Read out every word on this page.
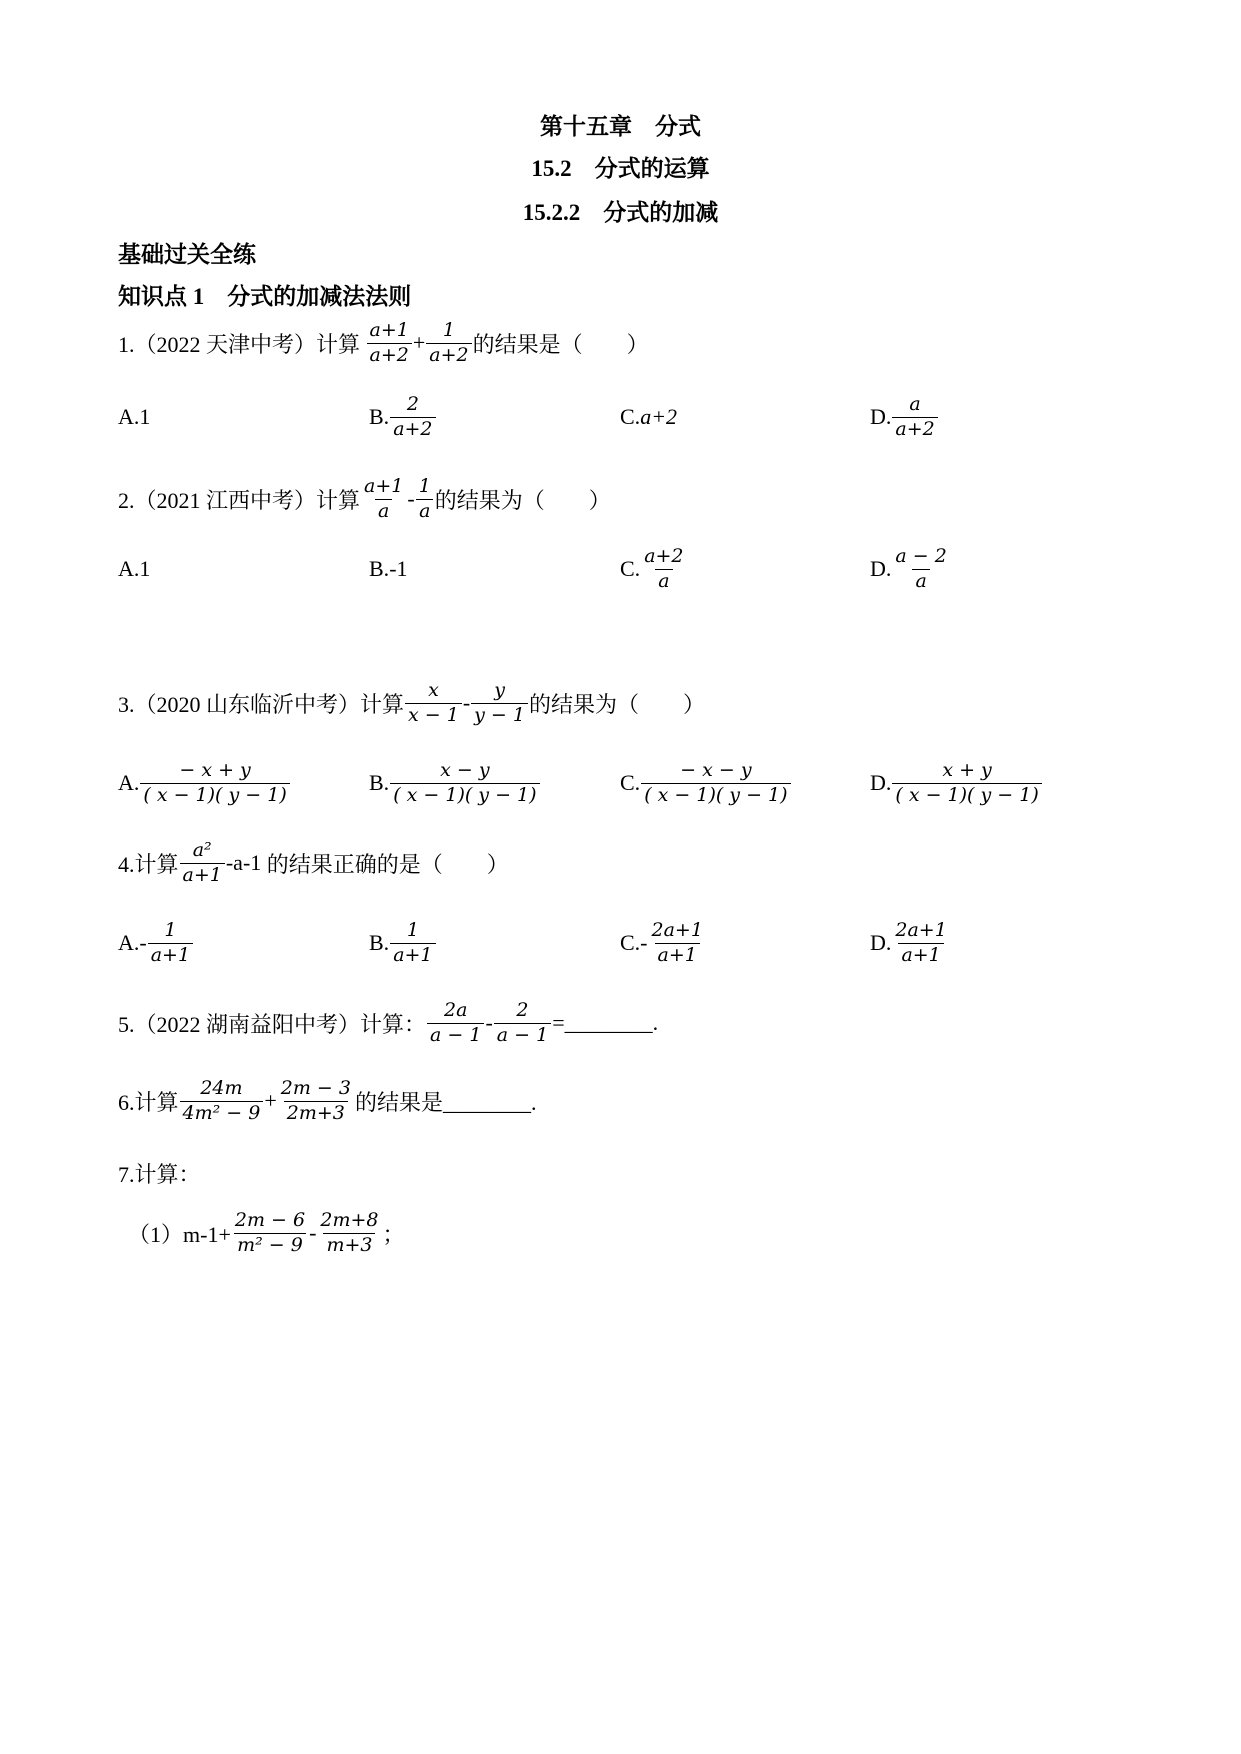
第十五章　分式
15.2　分式的运算
15.2.2　分式的加减
基础过关全练
知识点 1　分式的加减法法则
1.（2022 天津中考）计算 $\frac{a+1}{a+2} + \frac{1}{a+2}$ 的结果是（　　）
A. 1	B. $\frac{2}{a+2}$	C. a+2	D. $\frac{a}{a+2}$
2.（2021 江西中考）计算 $\frac{a+1}{a} - \frac{1}{a}$ 的结果为（　　）
A. 1	B. -1	C. $\frac{a+2}{a}$	D. $\frac{a - 2}{a}$
3.（2020 山东临沂中考）计算 $\frac{x}{x - 1} - \frac{y}{y - 1}$ 的结果为（　　）
A. $\frac{- x + y}{( x - 1)( y - 1)}$	B. $\frac{x - y}{( x - 1)( y - 1)}$	C. $\frac{- x - y}{( x - 1)( y - 1)}$	D. $\frac{x + y}{( x - 1)( y - 1)}$
4.计算 $\frac{\text{a²}}{a+1} -a-1$ 的结果正确的是（　　）
$A.- \frac{1}{a+1}$	B. $\frac{1}{a+1}$	$C.- \frac{2a+1}{a+1}$	D. $\frac{2a+1}{a+1}$
5.（2022 湖南益阳中考）计算： $\frac{2a}{a - 1} - \frac{2}{a - 1}$ =________.
6.计算 $\frac{24m}{\text{4m² − 9}} + \frac{2m - 3}{2m+3}$ 的结果是________.
7.计算：
$(1)m-1+ \frac{2m - 6}{\text{m² − 9}} - \frac{2m+8}{m+3}$ ；
